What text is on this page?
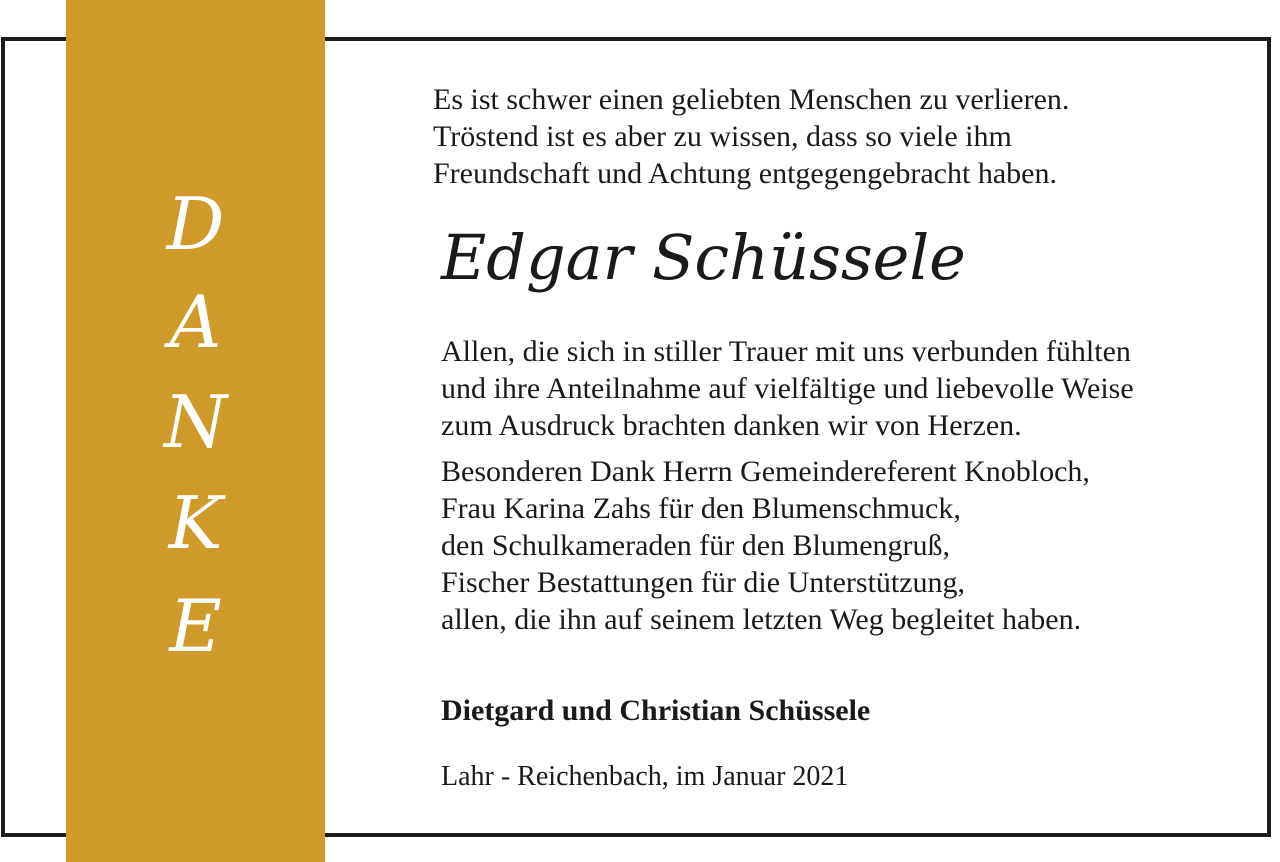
D
A
N
K
E
Es ist schwer einen geliebten Menschen zu verlieren.
Tröstend ist es aber zu wissen, dass so viele ihm
Freundschaft und Achtung entgegengebracht haben.
Edgar Schüssele
Allen, die sich in stiller Trauer mit uns verbunden fühlten
und ihre Anteilnahme auf vielfältige und liebevolle Weise
zum Ausdruck brachten danken wir von Herzen.
Besonderen Dank Herrn Gemeindereferent Knobloch,
Frau Karina Zahs für den Blumenschmuck,
den Schulkameraden für den Blumengruß,
Fischer Bestattungen für die Unterstützung,
allen, die ihn auf seinem letzten Weg begleitet haben.
Dietgard und Christian Schüssele
Lahr - Reichenbach, im Januar 2021
